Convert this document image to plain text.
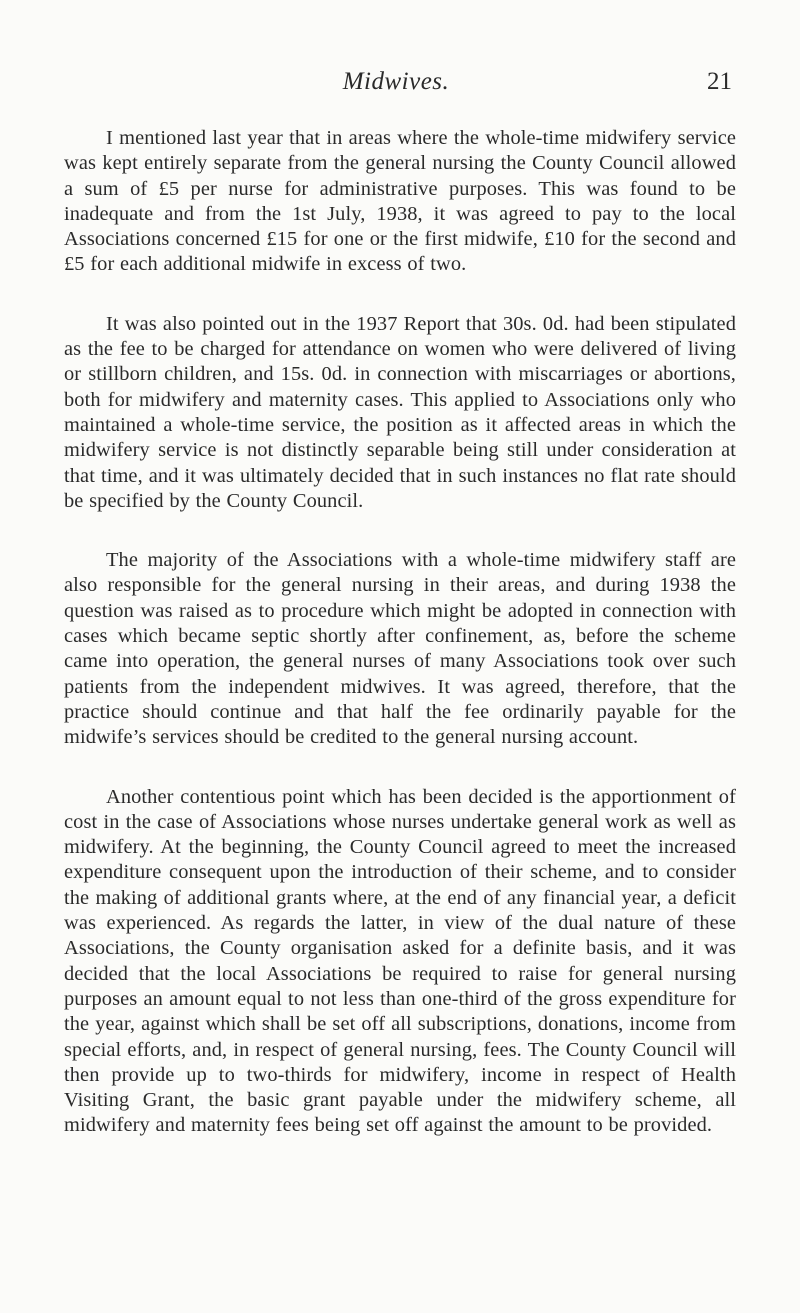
Midwives.	21

I mentioned last year that in areas where the whole-time midwifery service was kept entirely separate from the general nursing the County Council allowed a sum of £5 per nurse for administrative purposes. This was found to be inadequate and from the 1st July, 1938, it was agreed to pay to the local Associations concerned £15 for one or the first midwife, £10 for the second and £5 for each additional midwife in excess of two.

It was also pointed out in the 1937 Report that 30s. 0d. had been stipulated as the fee to be charged for attendance on women who were delivered of living or stillborn children, and 15s. 0d. in connection with miscarriages or abortions, both for midwifery and maternity cases. This applied to Associations only who maintained a whole-time service, the position as it affected areas in which the midwifery service is not distinctly separable being still under consideration at that time, and it was ultimately decided that in such instances no flat rate should be specified by the County Council.

The majority of the Associations with a whole-time midwifery staff are also responsible for the general nursing in their areas, and during 1938 the question was raised as to procedure which might be adopted in connection with cases which became septic shortly after confinement, as, before the scheme came into operation, the general nurses of many Associations took over such patients from the independent midwives. It was agreed, therefore, that the practice should continue and that half the fee ordinarily payable for the midwife’s services should be credited to the general nursing account.

Another contentious point which has been decided is the apportionment of cost in the case of Associations whose nurses undertake general work as well as midwifery. At the beginning, the County Council agreed to meet the increased expenditure consequent upon the introduction of their scheme, and to consider the making of additional grants where, at the end of any financial year, a deficit was experienced. As regards the latter, in view of the dual nature of these Associations, the County organisation asked for a definite basis, and it was decided that the local Associations be required to raise for general nursing purposes an amount equal to not less than one-third of the gross expenditure for the year, against which shall be set off all subscriptions, donations, income from special efforts, and, in respect of general nursing, fees. The County Council will then provide up to two-thirds for midwifery, income in respect of Health Visiting Grant, the basic grant payable under the midwifery scheme, all midwifery and maternity fees being set off against the amount to be provided.
